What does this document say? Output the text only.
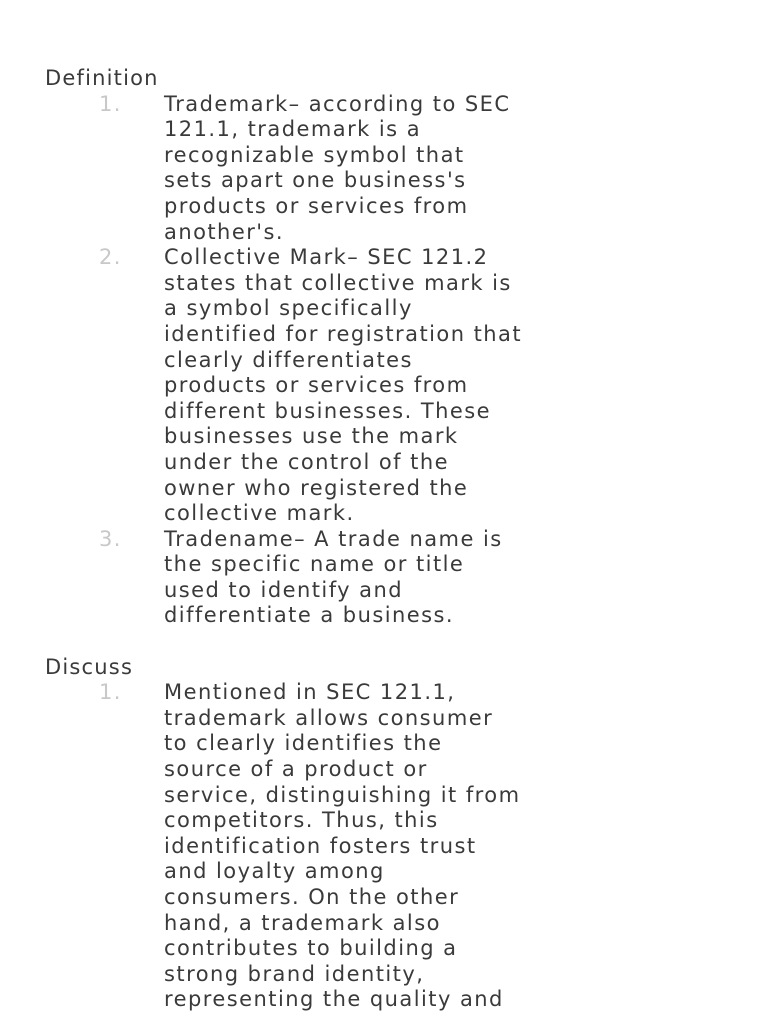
Definition
1. Trademark– according to SEC
121.1, trademark is a
recognizable symbol that
sets apart one business's
products or services from
another's.
2. Collective Mark– SEC 121.2
states that collective mark is
a symbol specifically
identified for registration that
clearly differentiates
products or services from
different businesses. These
businesses use the mark
under the control of the
owner who registered the
collective mark.
3. Tradename– A trade name is
the specific name or title
used to identify and
differentiate a business.
Discuss
1. Mentioned in SEC 121.1,
trademark allows consumer
to clearly identifies the
source of a product or
service, distinguishing it from
competitors. Thus, this
identification fosters trust
and loyalty among
consumers. On the other
hand, a trademark also
contributes to building a
strong brand identity,
representing the quality and
